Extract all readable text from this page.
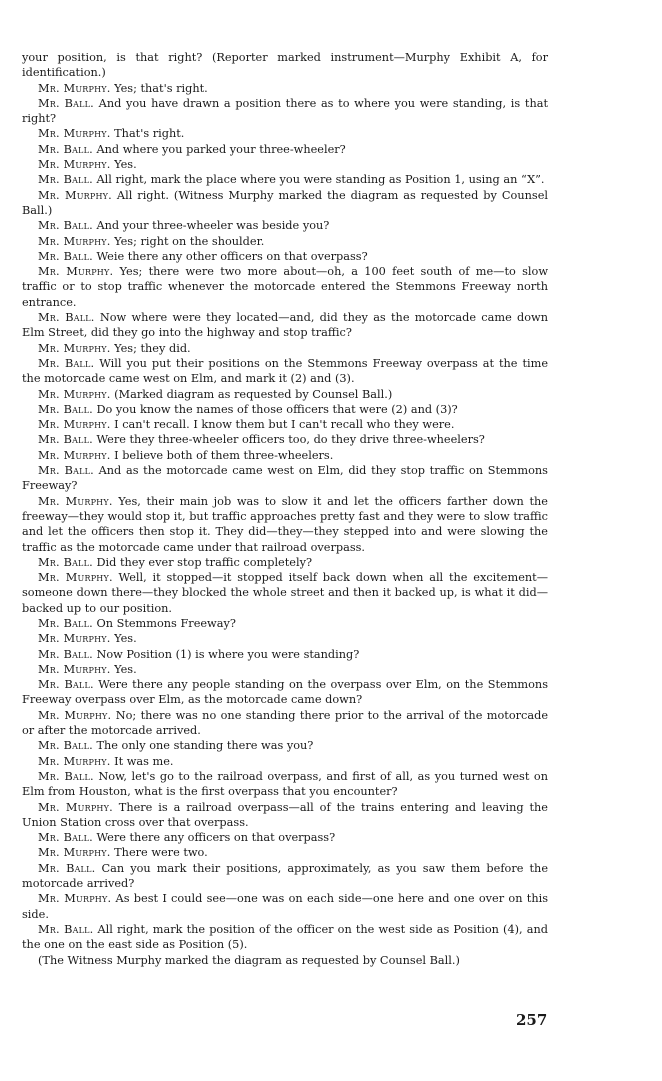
your position, is that right? (Reporter marked instrument—Murphy Exhibit A, for identification.)

Mr. Murphy. Yes; that's right.

Mr. Ball. And you have drawn a position there as to where you were standing, is that right?

Mr. Murphy. That's right.

Mr. Ball. And where you parked your three-wheeler?

Mr. Murphy. Yes.

Mr. Ball. All right, mark the place where you were standing as Position 1, using an “X”.

Mr. Murphy. All right. (Witness Murphy marked the diagram as requested by Counsel Ball.)

Mr. Ball. And your three-wheeler was beside you?

Mr. Murphy. Yes; right on the shoulder.

Mr. Ball. Weie there any other officers on that overpass?

Mr. Murphy. Yes; there were two more about—oh, a 100 feet south of me—to slow traffic or to stop traffic whenever the motorcade entered the Stemmons Freeway north entrance.

Mr. Ball. Now where were they located—and, did they as the motorcade came down Elm Street, did they go into the highway and stop traffic?

Mr. Murphy. Yes; they did.

Mr. Ball. Will you put their positions on the Stemmons Freeway overpass at the time the motorcade came west on Elm, and mark it (2) and (3).

Mr. Murphy. (Marked diagram as requested by Counsel Ball.)

Mr. Ball. Do you know the names of those officers that were (2) and (3)?

Mr. Murphy. I can't recall. I know them but I can't recall who they were.

Mr. Ball. Were they three-wheeler officers too, do they drive three-wheelers?

Mr. Murphy. I believe both of them three-wheelers.

Mr. Ball. And as the motorcade came west on Elm, did they stop traffic on Stemmons Freeway?

Mr. Murphy. Yes, their main job was to slow it and let the officers farther down the freeway—they would stop it, but traffic approaches pretty fast and they were to slow traffic and let the officers then stop it. They did—they—they stepped into and were slowing the traffic as the motorcade came under that railroad overpass.

Mr. Ball. Did they ever stop traffic completely?

Mr. Murphy. Well, it stopped—it stopped itself back down when all the excitement—someone down there—they blocked the whole street and then it backed up, is what it did—backed up to our position.

Mr. Ball. On Stemmons Freeway?

Mr. Murphy. Yes.

Mr. Ball. Now Position (1) is where you were standing?

Mr. Murphy. Yes.

Mr. Ball. Were there any people standing on the overpass over Elm, on the Stemmons Freeway overpass over Elm, as the motorcade came down?

Mr. Murphy. No; there was no one standing there prior to the arrival of the motorcade or after the motorcade arrived.

Mr. Ball. The only one standing there was you?

Mr. Murphy. It was me.

Mr. Ball. Now, let's go to the railroad overpass, and first of all, as you turned west on Elm from Houston, what is the first overpass that you encounter?

Mr. Murphy. There is a railroad overpass—all of the trains entering and leaving the Union Station cross over that overpass.

Mr. Ball. Were there any officers on that overpass?

Mr. Murphy. There were two.

Mr. Ball. Can you mark their positions, approximately, as you saw them before the motorcade arrived?

Mr. Murphy. As best I could see—one was on each side—one here and one over on this side.

Mr. Ball. All right, mark the position of the officer on the west side as Position (4), and the one on the east side as Position (5).

(The Witness Murphy marked the diagram as requested by Counsel Ball.)

257
